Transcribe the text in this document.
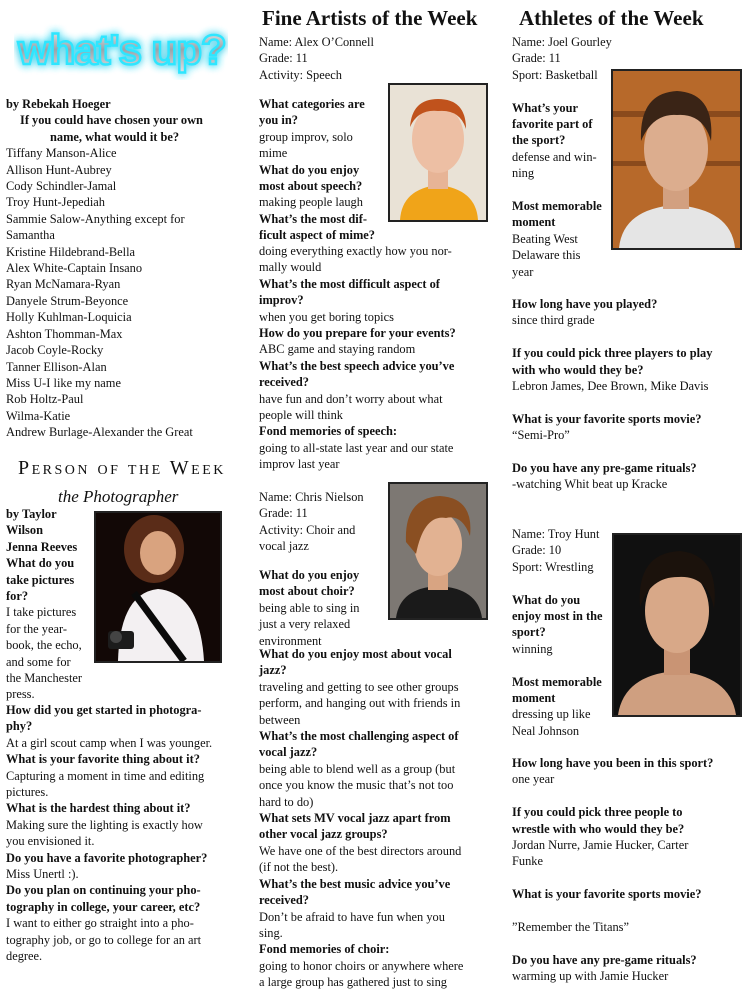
what's up?
by Rebekah Hoeger
If you could have chosen your own
name, what would it be?
Tiffany Manson-Alice
Allison Hunt-Aubrey
Cody Schindler-Jamal
Troy Hunt-Jepediah
Sammie Salow-Anything except for
Samantha
Kristine Hildebrand-Bella
Alex White-Captain Insano
Ryan McNamara-Ryan
Danyele Strum-Beyonce
Holly Kuhlman-Loquicia
Ashton Thomman-Max
Jacob Coyle-Rocky
Tanner Ellison-Alan
Miss U-I like my name
Rob Holtz-Paul
Wilma-Katie
Andrew Burlage-Alexander the Great
Person of the Week
the Photographer
by Taylor
Wilson
Jenna Reeves
What do you
take pictures
for?
I take pictures
for the year-
book, the echo,
and some for
the Manchester
press.
How did you get started in photogra-
phy?
At a girl scout camp when I was younger.
What is your favorite thing about it?
Capturing a moment in time and editing
pictures.
What is the hardest thing about it?
Making sure the lighting is exactly how
you envisioned it.
Do you have a favorite photographer?
Miss Unertl :).
Do you plan on continuing your pho-
tography in college, your career, etc?
I want to either go straight into a pho-
tography job, or go to college for an art
degree.
Fine Artists of the Week
Name: Alex O’Connell
Grade: 11
Activity: Speech
What categories are
you in?
group improv, solo
mime
What do you enjoy
most about speech?
making people laugh
What’s the most dif-
ficult aspect of mime?
doing everything exactly how you nor-
mally would
What’s the most difficult aspect of
improv?
when you get boring topics
How do you prepare for your events?
ABC game and staying random
What’s the best speech advice you’ve
received?
have fun and don’t worry about what
people will think
Fond memories of speech:
going to all-state last year and our state
improv last year
Name: Chris Nielson
Grade: 11
Activity: Choir and
vocal jazz
What do you enjoy
most about choir?
being able to sing in
just a very relaxed
environment
What do you enjoy most about vocal
jazz?
traveling and getting to see other groups
perform, and hanging out with friends in
between
What’s the most challenging aspect of
vocal jazz?
being able to blend well as a group (but
once you know the music that’s not too
hard to do)
What sets MV vocal jazz apart from
other vocal jazz groups?
We have one of the best directors around
(if not the best).
What’s the best music advice you’ve
received?
Don’t be afraid to have fun when you
sing.
Fond memories of choir:
going to honor choirs or anywhere where
a large group has gathered just to sing
Athletes of the Week
Name: Joel Gourley
Grade: 11
Sport: Basketball

What’s your
favorite part of
the sport?
defense and win-
ning

Most memorable
moment
Beating West
Delaware this
year
How long have you played?
since third grade

If you could pick three players to play
with who would they be?
Lebron James, Dee Brown, Mike Davis

What is your favorite sports movie?
“Semi-Pro”

Do you have any pre-game rituals?
-watching Whit beat up Kracke
Name: Troy Hunt
Grade: 10
Sport: Wrestling

What do you
enjoy most in the
sport?
winning

Most memorable
moment
dressing up like
Neal Johnson
How long have you been in this sport?
one year

If you could pick three people to
wrestle with who would they be?
Jordan Nurre, Jamie Hucker, Carter
Funke

What is your favorite sports movie?

”Remember the Titans”

Do you have any pre-game rituals?
warming up with Jamie Hucker
